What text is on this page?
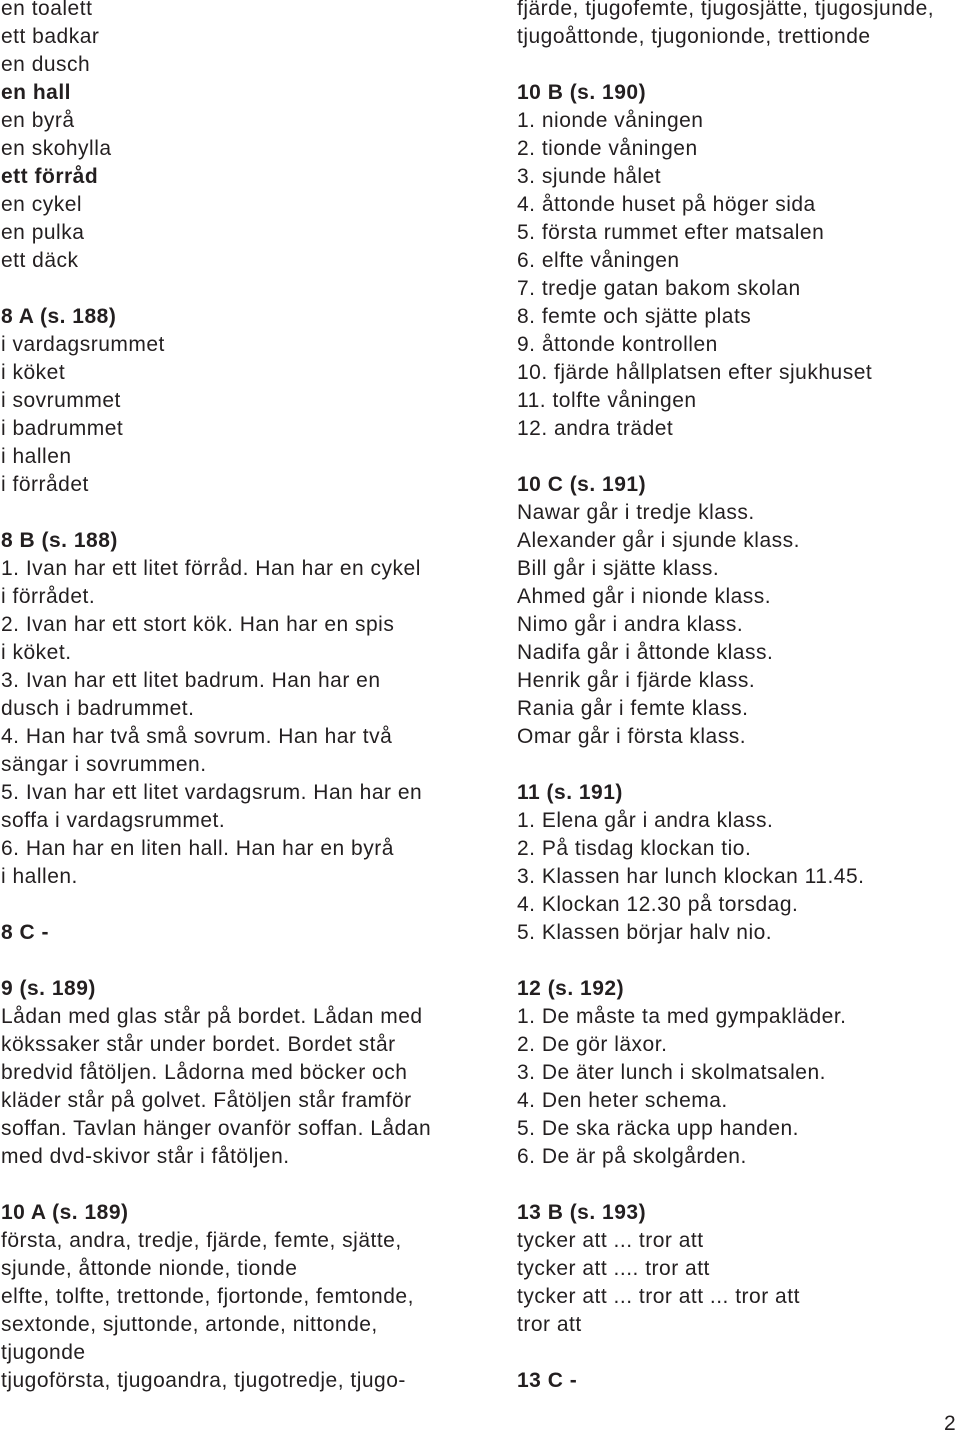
en toalett
ett badkar
en dusch
en hall
en byrå
en skohylla
ett förråd
en cykel
en pulka
ett däck
8 A (s. 188)
i vardagsrummet
i köket
i sovrummet
i badrummet
i hallen
i förrådet
8 B (s. 188)
1. Ivan har ett litet förråd. Han har en cykel
i förrådet.
2. Ivan har ett stort kök. Han har en spis
i köket.
3. Ivan har ett litet badrum. Han har en
dusch i badrummet.
4. Han har två små sovrum. Han har två
sängar i sovrummen.
5. Ivan har ett litet vardagsrum. Han har en
soffa i vardagsrummet.
6. Han har en liten hall. Han har en byrå
i hallen.
8 C -
9 (s. 189)
Lådan med glas står på bordet. Lådan med
kökssaker står under bordet. Bordet står
bredvid fåtöljen. Lådorna med böcker och
kläder står på golvet. Fåtöljen står framför
soffan. Tavlan hänger ovanför soffan. Lådan
med dvd-skivor står i fåtöljen.
10 A (s. 189)
första, andra, tredje, fjärde, femte, sjätte,
sjunde, åttonde nionde, tionde
elfte, tolfte, trettonde, fjortonde, femtonde,
sextonde, sjuttonde, artonde, nittonde,
tjugonde
tjugoförsta, tjugoandra, tjugotredje, tjugo-
fjärde, tjugofemte, tjugosjätte, tjugosjunde,
tjugoåttonde, tjugonionde, trettionde
10 B (s. 190)
1. nionde våningen
2. tionde våningen
3. sjunde hålet
4. åttonde huset på höger sida
5. första rummet efter matsalen
6. elfte våningen
7. tredje gatan bakom skolan
8. femte och sjätte plats
9. åttonde kontrollen
10. fjärde hållplatsen efter sjukhuset
11. tolfte våningen
12. andra trädet
10 C (s. 191)
Nawar går i tredje klass.
Alexander går i sjunde klass.
Bill går i sjätte klass.
Ahmed går i nionde klass.
Nimo går i andra klass.
Nadifa går i åttonde klass.
Henrik går i fjärde klass.
Rania går i femte klass.
Omar går i första klass.
11 (s. 191)
1. Elena går i andra klass.
2. På tisdag klockan tio.
3. Klassen har lunch klockan 11.45.
4. Klockan 12.30 på torsdag.
5. Klassen börjar halv nio.
12 (s. 192)
1. De måste ta med gympakläder.
2. De gör läxor.
3. De äter lunch i skolmatsalen.
4. Den heter schema.
5. De ska räcka upp handen.
6. De är på skolgården.
13 B (s. 193)
tycker att ... tror att
tycker att .... tror att
tycker att ... tror att ... tror att
tror att
13 C -
2
